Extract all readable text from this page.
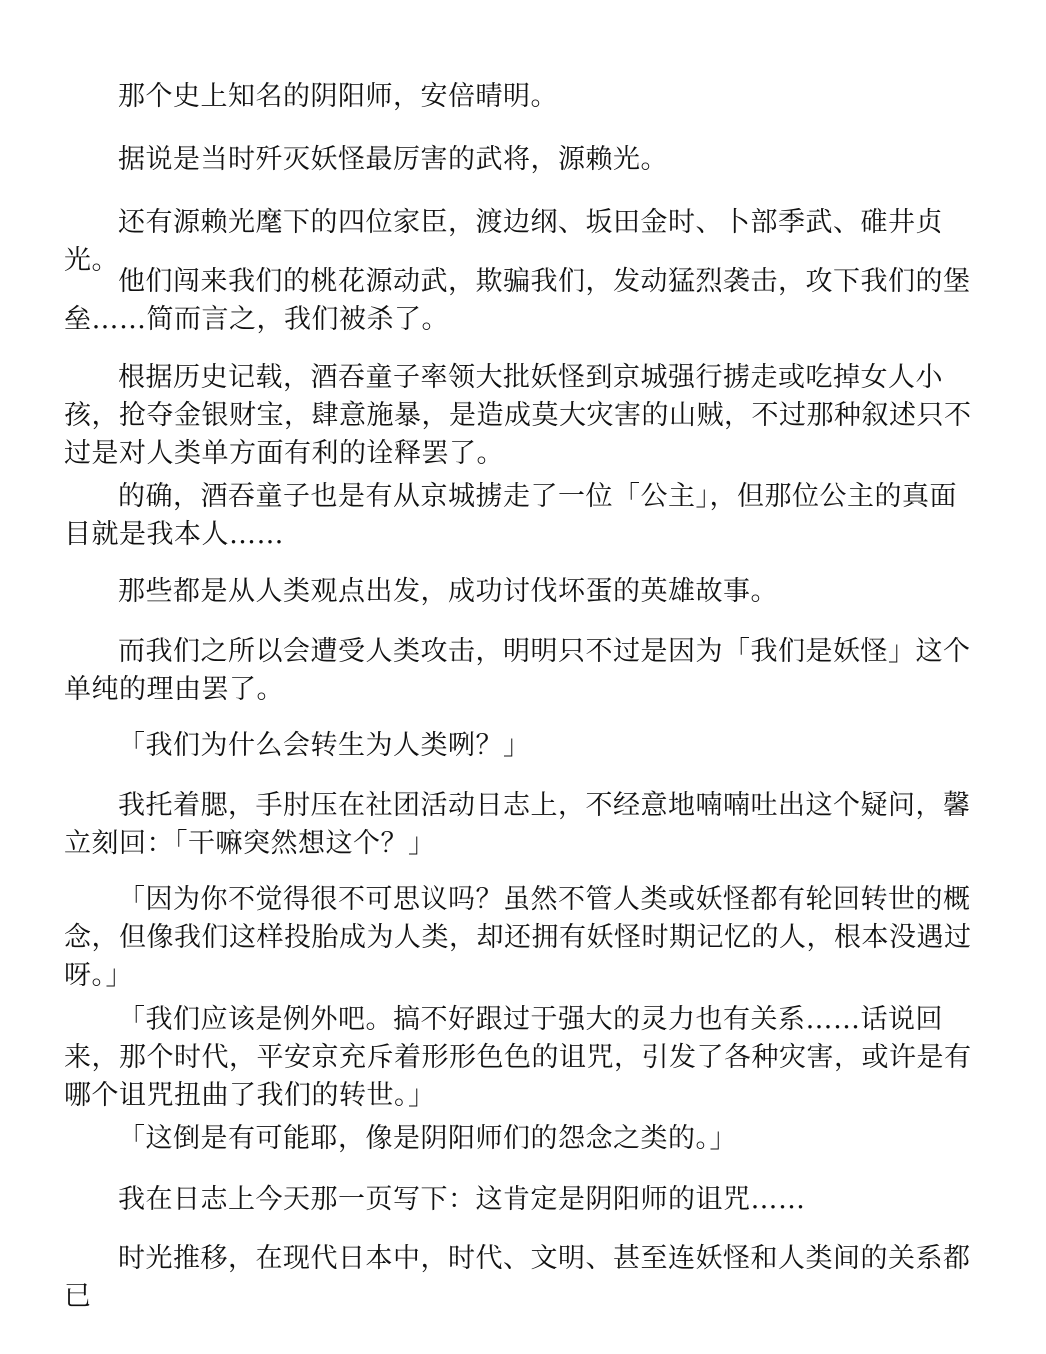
那个史上知名的阴阳师，安倍晴明。

据说是当时歼灭妖怪最厉害的武将，源赖光。

还有源赖光麾下的四位家臣，渡边纲、坂田金时、卜部季武、碓井贞光。

他们闯来我们的桃花源动武，欺骗我们，发动猛烈袭击，攻下我们的堡垒……简而言之，我们被杀了。

根据历史记载，酒吞童子率领大批妖怪到京城强行掳走或吃掉女人小孩，抢夺金银财宝，肆意施暴，是造成莫大灾害的山贼，不过那种叙述只不过是对人类单方面有利的诠释罢了。

的确，酒吞童子也是有从京城掳走了一位「公主」，但那位公主的真面目就是我本人……

那些都是从人类观点出发，成功讨伐坏蛋的英雄故事。

而我们之所以会遭受人类攻击，明明只不过是因为「我们是妖怪」这个单纯的理由罢了。

「我们为什么会转生为人类咧？」

我托着腮，手肘压在社团活动日志上，不经意地喃喃吐出这个疑问，馨立刻回：「干嘛突然想这个？」

「因为你不觉得很不可思议吗？虽然不管人类或妖怪都有轮回转世的概念，但像我们这样投胎成为人类，却还拥有妖怪时期记忆的人，根本没遇过呀。」

「我们应该是例外吧。搞不好跟过于强大的灵力也有关系……话说回来，那个时代，平安京充斥着形形色色的诅咒，引发了各种灾害，或许是有哪个诅咒扭曲了我们的转世。」

「这倒是有可能耶，像是阴阳师们的怨念之类的。」

我在日志上今天那一页写下：这肯定是阴阳师的诅咒……

时光推移，在现代日本中，时代、文明、甚至连妖怪和人类间的关系都已
